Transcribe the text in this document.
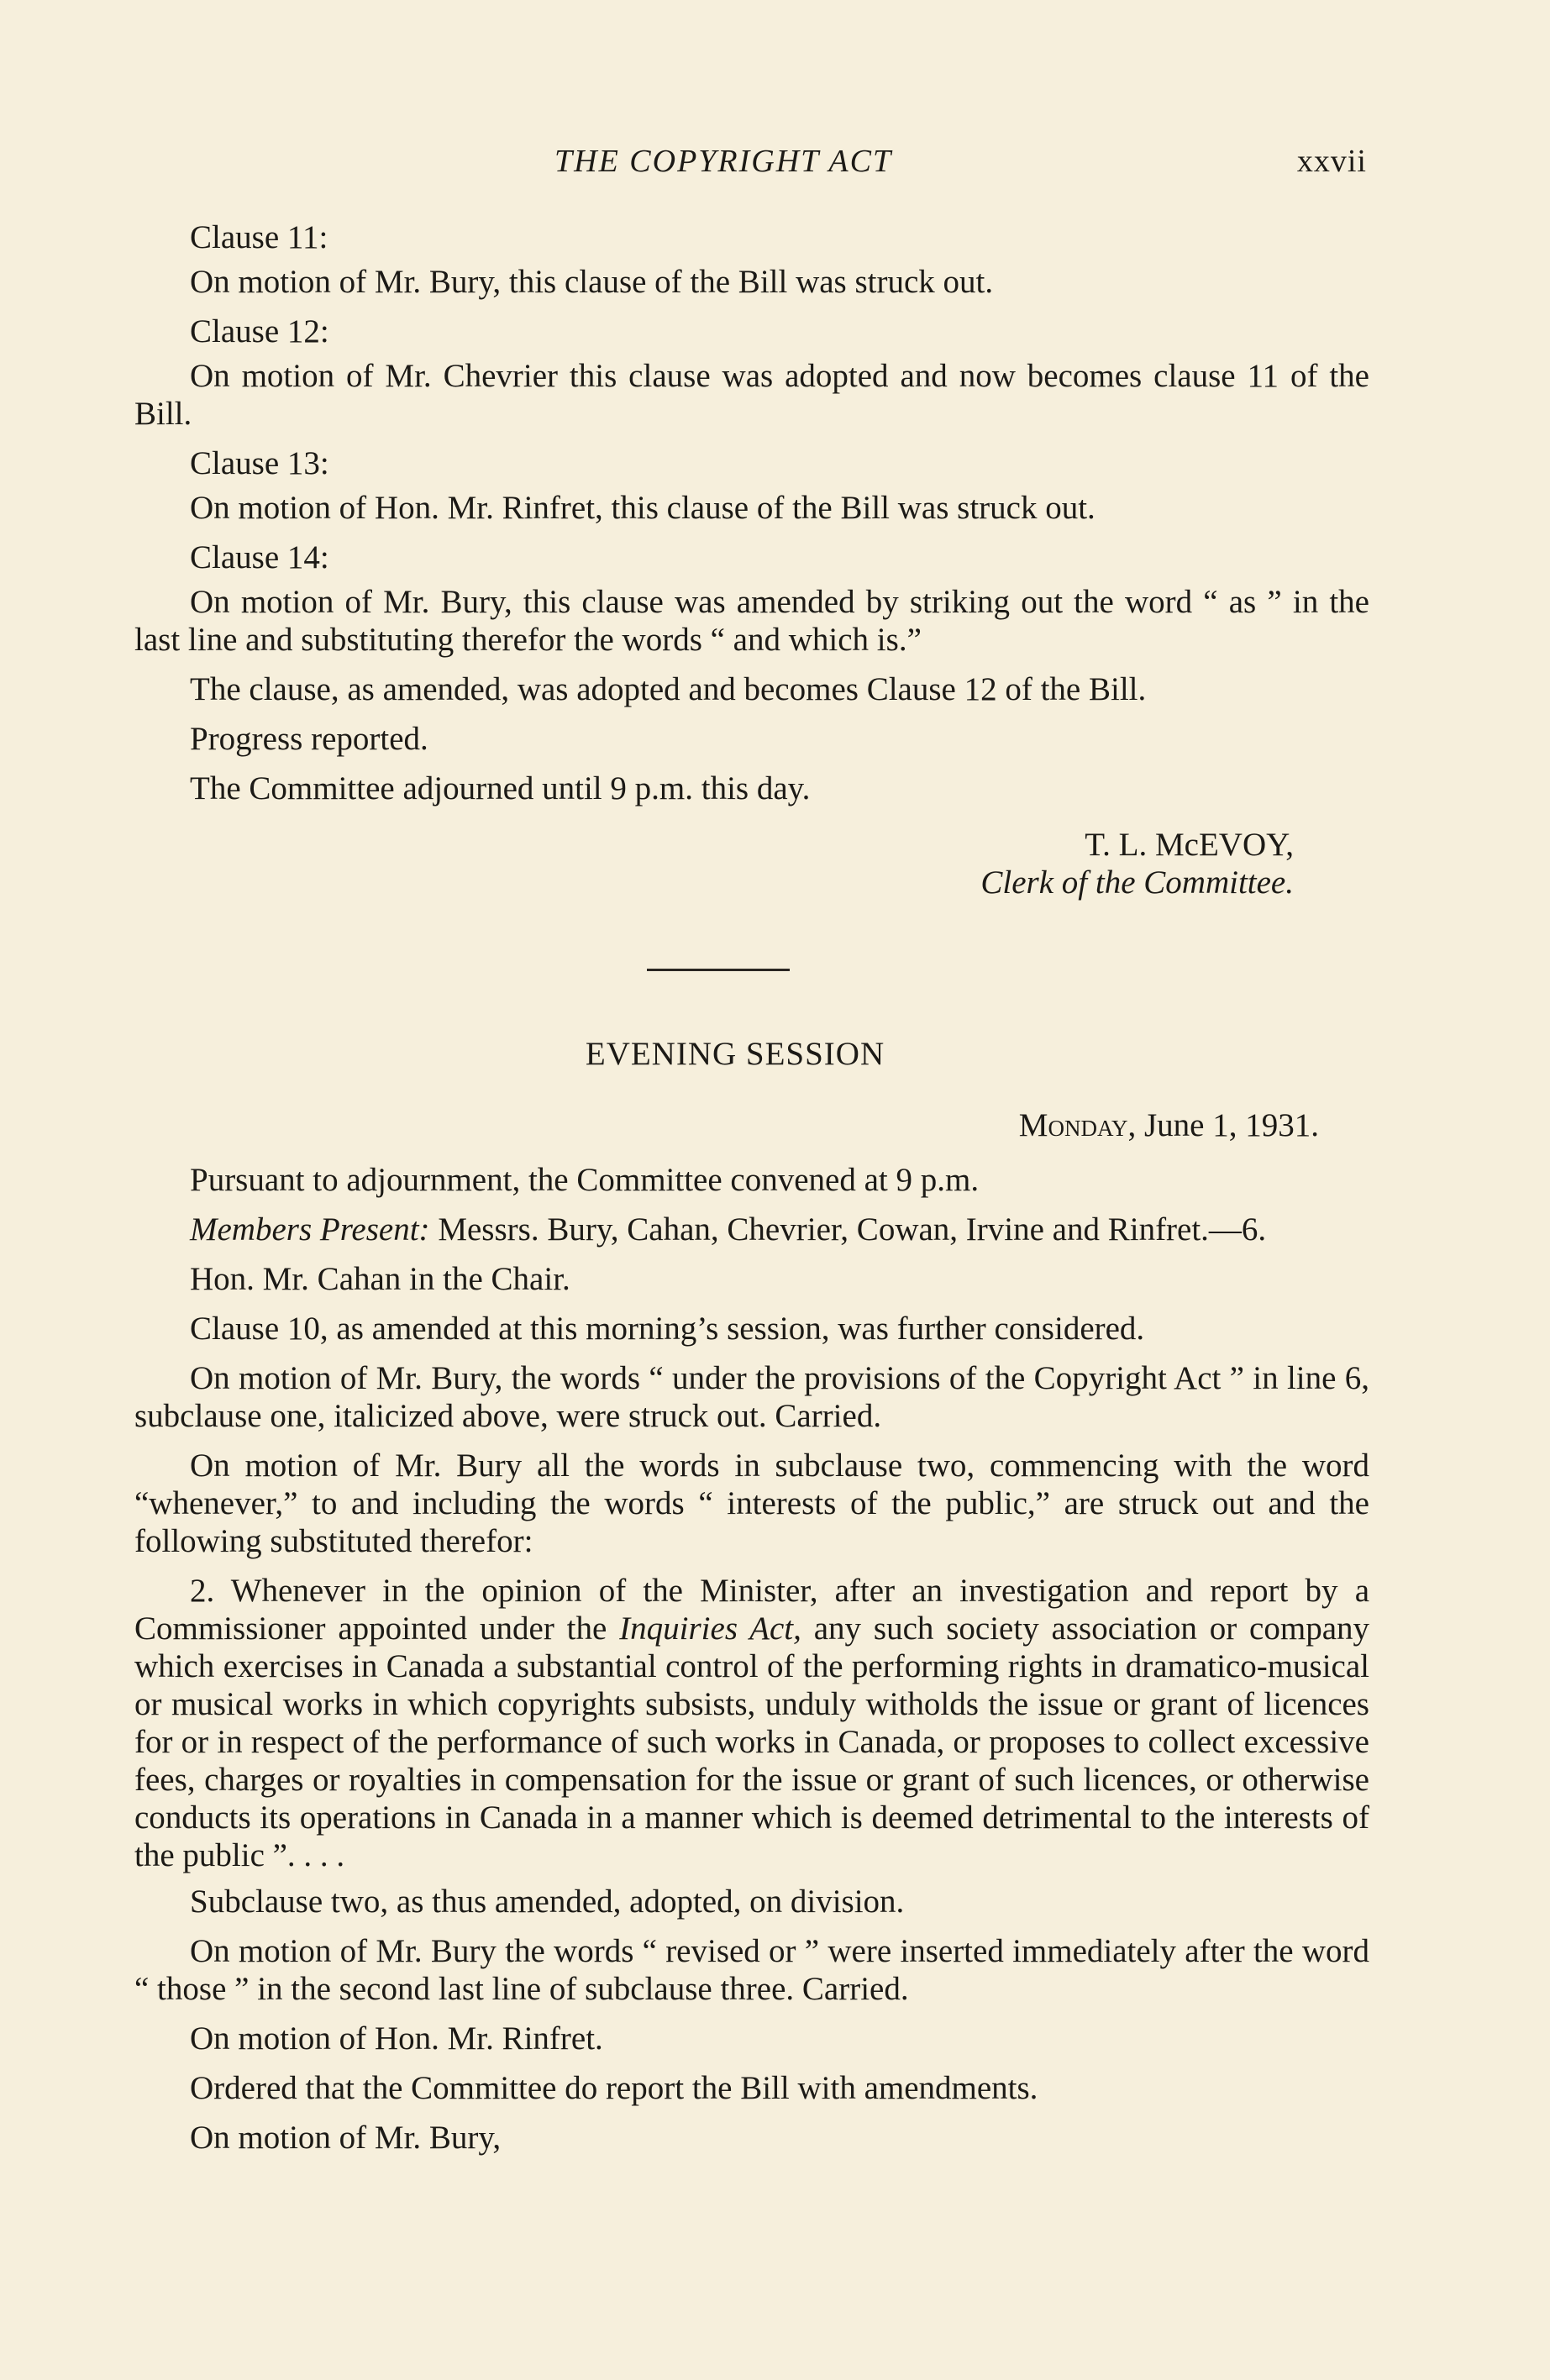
THE COPYRIGHT ACT	xxvii

Clause 11:

On motion of Mr. Bury, this clause of the Bill was struck out.

Clause 12:

On motion of Mr. Chevrier this clause was adopted and now becomes clause 11 of the Bill.

Clause 13:

On motion of Hon. Mr. Rinfret, this clause of the Bill was struck out.

Clause 14:

On motion of Mr. Bury, this clause was amended by striking out the word “ as ” in the last line and substituting therefor the words “ and which is.”

The clause, as amended, was adopted and becomes Clause 12 of the Bill.

Progress reported.

The Committee adjourned until 9 p.m. this day.

T. L. McEVOY,
Clerk of the Committee.

EVENING SESSION

Monday, June 1, 1931.

Pursuant to adjournment, the Committee convened at 9 p.m.

Members Present: Messrs. Bury, Cahan, Chevrier, Cowan, Irvine and Rinfret.—6.

Hon. Mr. Cahan in the Chair.

Clause 10, as amended at this morning’s session, was further considered.

On motion of Mr. Bury, the words “ under the provisions of the Copyright Act ” in line 6, subclause one, italicized above, were struck out. Carried.

On motion of Mr. Bury all the words in subclause two, commencing with the word “whenever,” to and including the words “ interests of the public,” are struck out and the following substituted therefor:

2. Whenever in the opinion of the Minister, after an investigation and report by a Commissioner appointed under the Inquiries Act, any such society association or company which exercises in Canada a substantial control of the performing rights in dramatico-musical or musical works in which copyrights subsists, unduly witholds the issue or grant of licences for or in respect of the performance of such works in Canada, or proposes to collect excessive fees, charges or royalties in compensation for the issue or grant of such licences, or otherwise conducts its operations in Canada in a manner which is deemed detrimental to the interests of the public ”. . . .

Subclause two, as thus amended, adopted, on division.

On motion of Mr. Bury the words “ revised or ” were inserted immediately after the word “ those ” in the second last line of subclause three. Carried.

On motion of Hon. Mr. Rinfret.

Ordered that the Committee do report the Bill with amendments.

On motion of Mr. Bury,
